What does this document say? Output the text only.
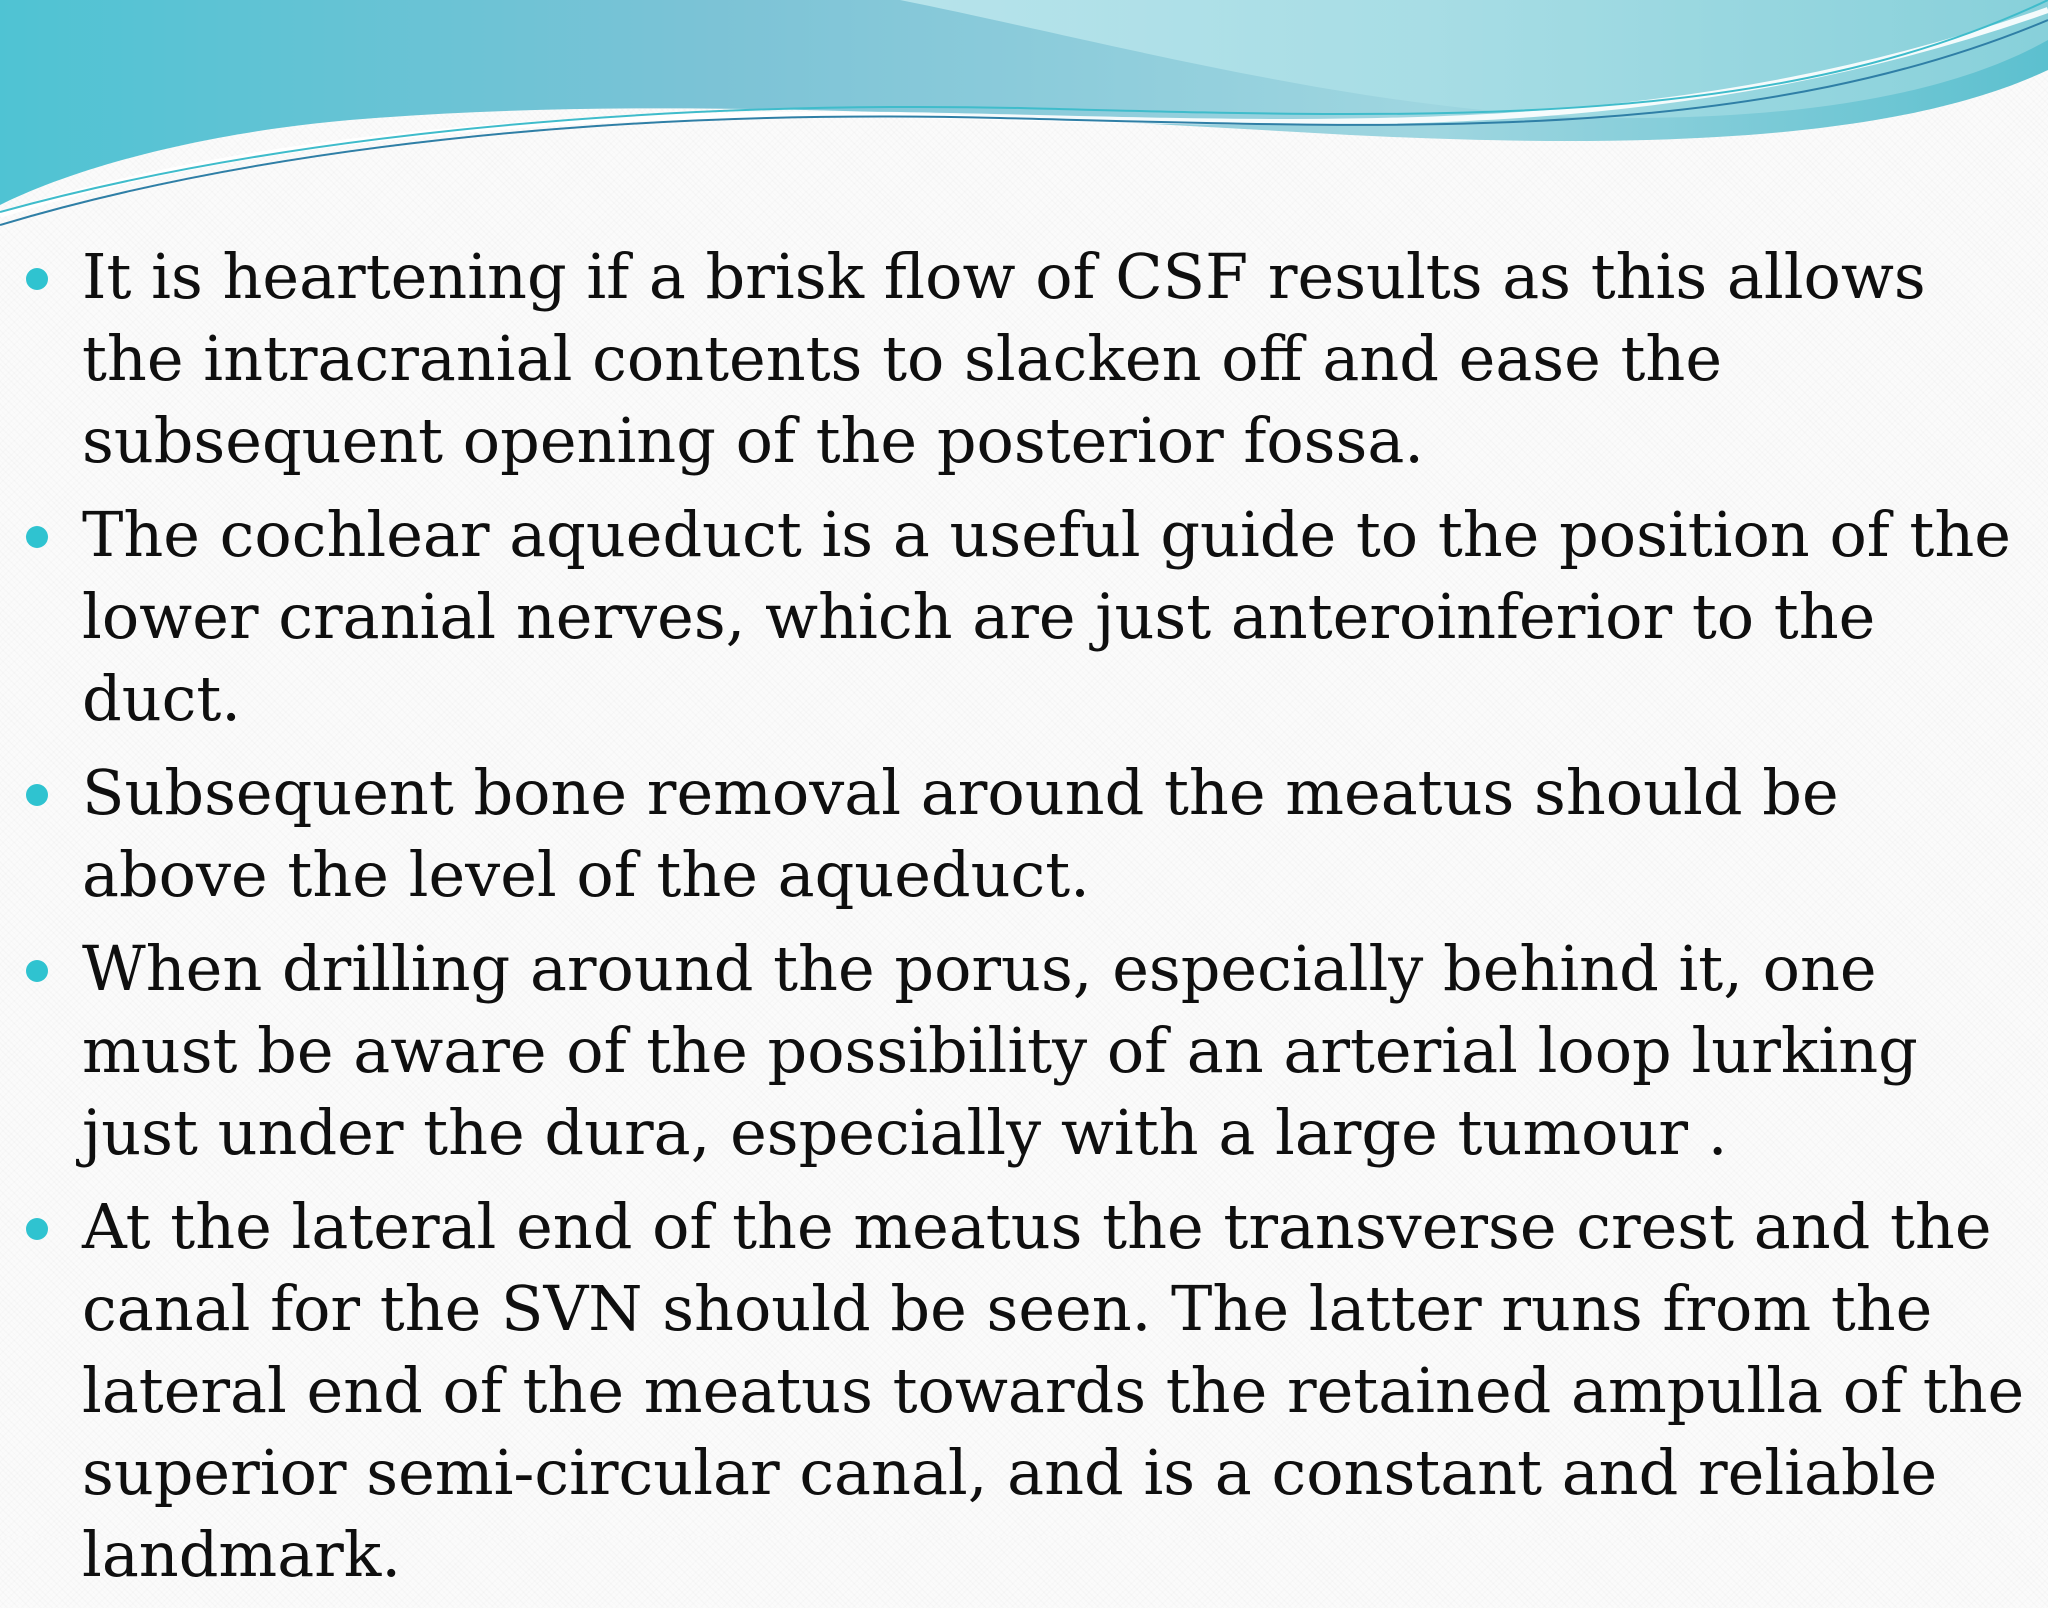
It is heartening if a brisk flow of CSF results as this allows the intracranial contents to slacken off and ease the subsequent opening of the posterior fossa.
The cochlear aqueduct is a useful guide to the position of the lower cranial nerves, which are just anteroinferior to the duct.
Subsequent bone removal around the meatus should be above the level of the aqueduct.
When drilling around the porus, especially behind it, one must be aware of the possibility of an arterial loop lurking just under the dura, especially with a large tumour .
At the lateral end of the meatus the transverse crest and the canal for the SVN should be seen. The latter runs from the lateral end of the meatus towards the retained ampulla of the superior semi-circular canal, and is a constant and reliable landmark.
